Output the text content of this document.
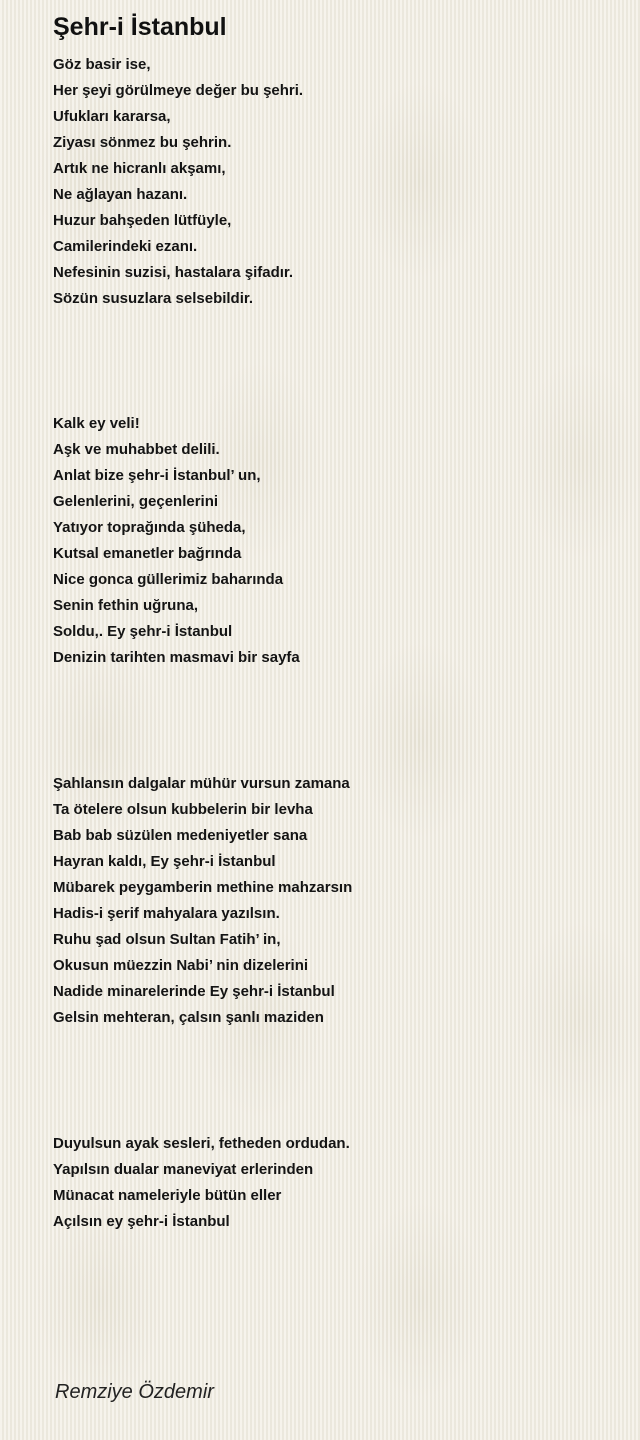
Şehr-i İstanbul
Göz basir ise,
Her şeyi görülmeye değer bu şehri.
Ufukları kararsa,
Ziyası sönmez bu şehrin.
Artık ne hicranlı akşamı,
Ne ağlayan hazanı.
Huzur bahşeden lütfüyle,
Camilerindeki ezanı.
Nefesinin suzisi, hastalara şifadır.
Sözün susuzlara selsebildir.
Kalk ey veli!
Aşk ve muhabbet delili.
Anlat bize şehr-i İstanbul’ un,
Gelenlerini, geçenlerini
Yatıyor toprağında şüheda,
Kutsal emanetler bağrında
Nice gonca güllerimiz baharında
Senin fethin uğruna,
Soldu,. Ey şehr-i İstanbul
Denizin tarihten masmavi bir sayfa
Şahlansın dalgalar mühür vursun zamana
Ta ötelere olsun kubbelerin bir levha
Bab bab süzülen medeniyetler sana
Hayran kaldı, Ey şehr-i İstanbul
Mübarek peygamberin methine mahzarsın
Hadis-i şerif mahyalara yazılsın.
Ruhu şad olsun Sultan Fatih’ in,
Okusun müezzin Nabi’ nin dizelerini
Nadide minarelerinde Ey şehr-i İstanbul
Gelsin mehteran, çalsın şanlı maziden
Duyulsun ayak sesleri, fetheden ordudan.
Yapılsın dualar maneviyat erlerinden
Münacat nameleriyle bütün eller
Açılsın ey şehr-i İstanbul
Remziye Özdemir
